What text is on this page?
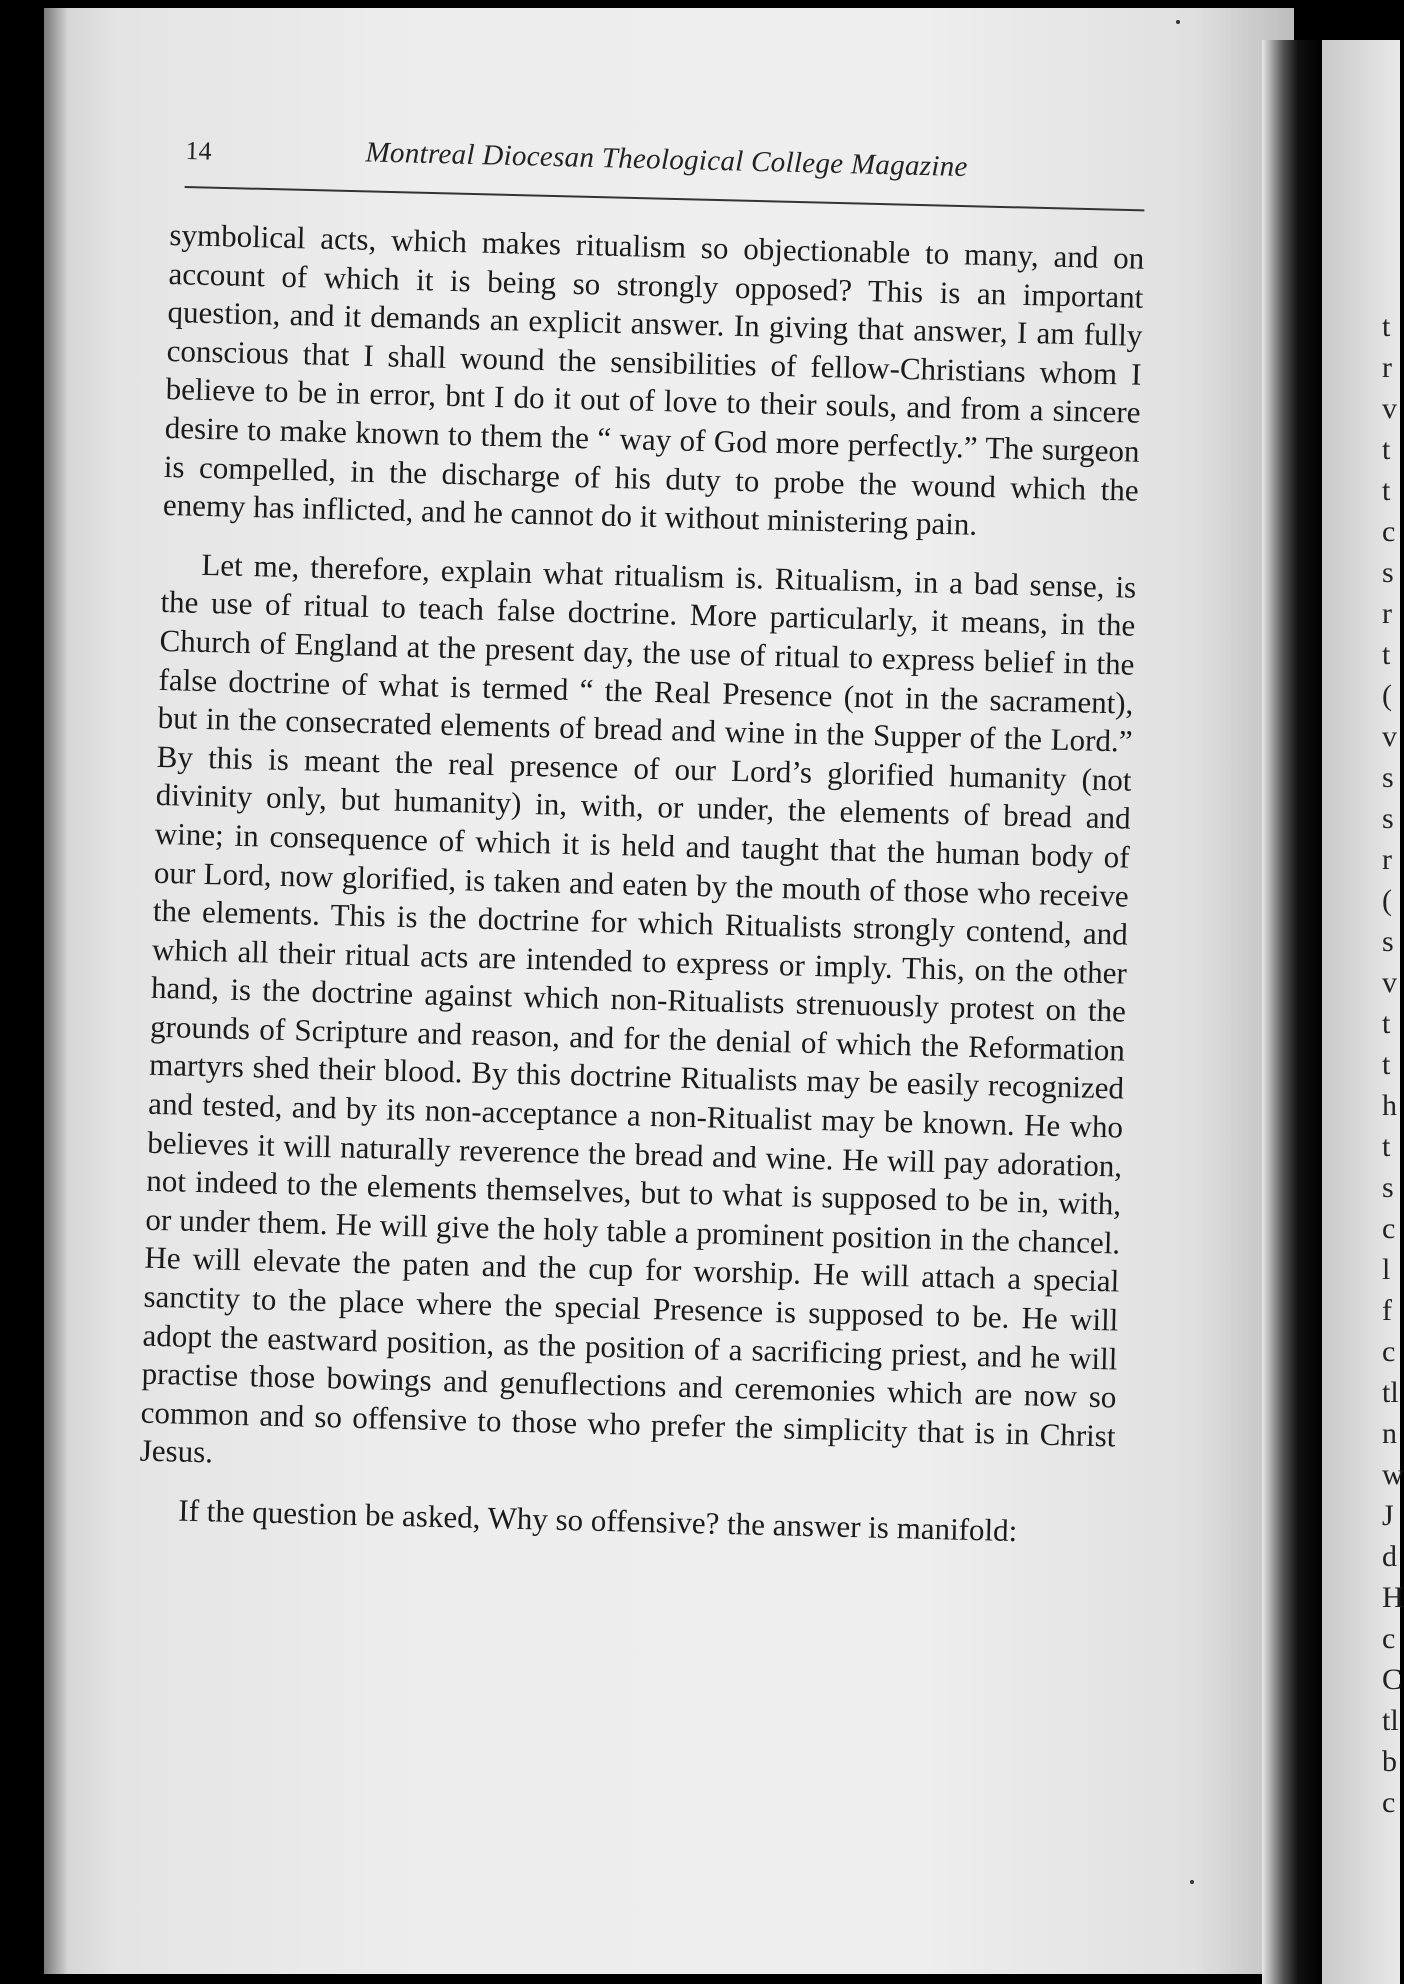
14	Montreal Diocesan Theological College Magazine

symbolical acts, which makes ritualism so objectionable to many, and on account of which it is being so strongly opposed? This is an important question, and it demands an explicit answer. In giving that answer, I am fully conscious that I shall wound the sensibilities of fellow-Christians whom I believe to be in error, bnt I do it out of love to their souls, and from a sincere desire to make known to them the “ way of God more perfectly.” The surgeon is compelled, in the discharge of his duty to probe the wound which the enemy has inflicted, and he cannot do it without ministering pain.

Let me, therefore, explain what ritualism is. Ritualism, in a bad sense, is the use of ritual to teach false doctrine. More particularly, it means, in the Church of England at the present day, the use of ritual to express belief in the false doctrine of what is termed “ the Real Presence (not in the sacrament), but in the consecrated elements of bread and wine in the Supper of the Lord.” By this is meant the real presence of our Lord’s glorified humanity (not divinity only, but humanity) in, with, or under, the elements of bread and wine; in consequence of which it is held and taught that the human body of our Lord, now glorified, is taken and eaten by the mouth of those who receive the elements. This is the doctrine for which Ritualists strongly contend, and which all their ritual acts are intended to express or imply. This, on the other hand, is the doctrine against which non-Ritualists strenuously protest on the grounds of Scripture and reason, and for the denial of which the Reformation martyrs shed their blood. By this doctrine Ritualists may be easily recognized and tested, and by its non-acceptance a non-Ritualist may be known. He who believes it will naturally reverence the bread and wine. He will pay adoration, not indeed to the elements themselves, but to what is supposed to be in, with, or under them. He will give the holy table a prominent position in the chancel. He will elevate the paten and the cup for worship. He will attach a special sanctity to the place where the special Presence is supposed to be. He will adopt the eastward position, as the position of a sacrificing priest, and he will practise those bowings and genuflections and ceremonies which are now so common and so offensive to those who prefer the simplicity that is in Christ Jesus.

If the question be asked, Why so offensive? the answer is manifold:

t
r
v
t
t
c
s
r
t
(
v
s
s
r
(
s
v
t
t
h
t
s
c
l
f
c
tl
n
w
J
d
H
c
C
tl
b
c
